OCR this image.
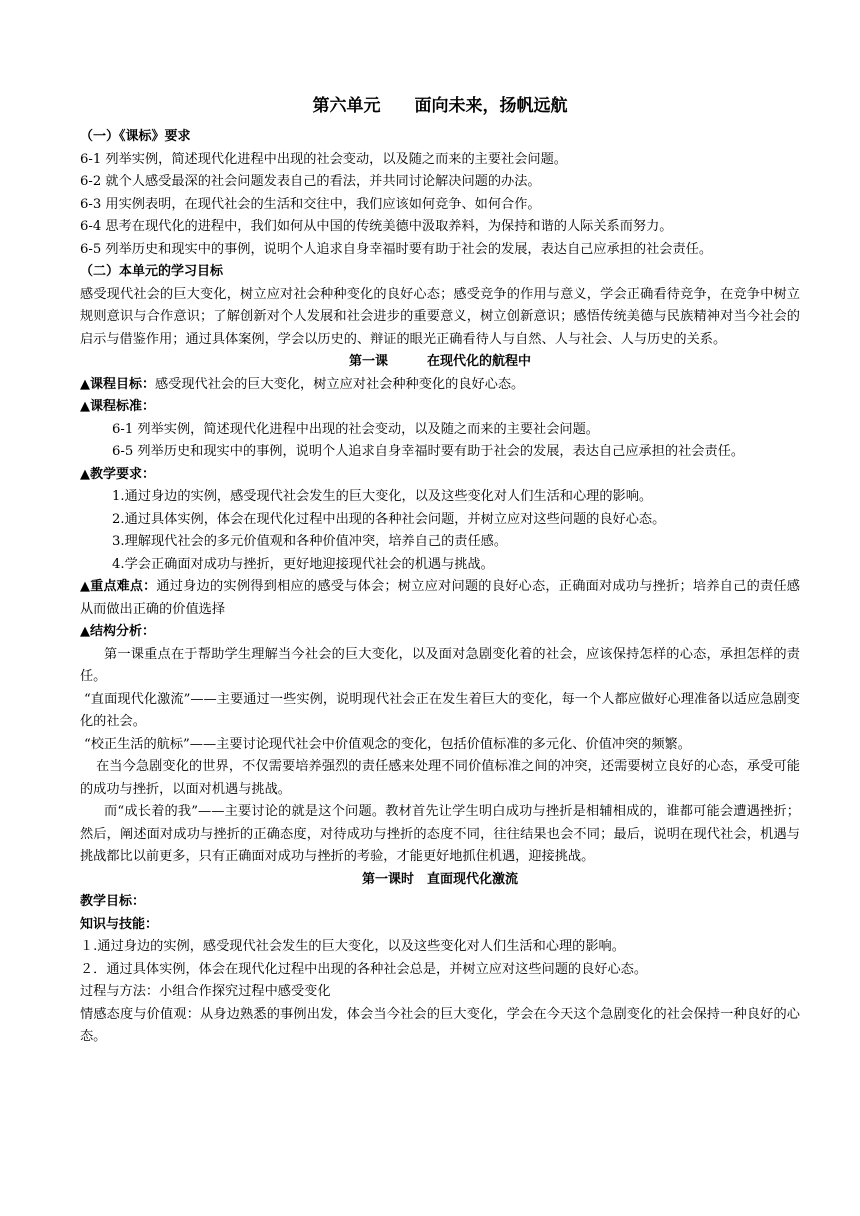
第六单元　　面向未来，扬帆远航
（一）《课标》要求
6-1 列举实例，简述现代化进程中出现的社会变动，以及随之而来的主要社会问题。
6-2 就个人感受最深的社会问题发表自己的看法，并共同讨论解决问题的办法。
6-3 用实例表明，在现代社会的生活和交往中，我们应该如何竞争、如何合作。
6-4 思考在现代化的进程中，我们如何从中国的传统美德中汲取养料，为保持和谐的人际关系而努力。
6-5 列举历史和现实中的事例，说明个人追求自身幸福时要有助于社会的发展，表达自己应承担的社会责任。
（二）本单元的学习目标
感受现代社会的巨大变化，树立应对社会种种变化的良好心态；感受竞争的作用与意义，学会正确看待竞争，在竞争中树立规则意识与合作意识；了解创新对个人发展和社会进步的重要意义，树立创新意识；感悟传统美德与民族精神对当今社会的启示与借鉴作用；通过具体案例，学会以历史的、辩证的眼光正确看待人与自然、人与社会、人与历史的关系。
第一课　　　在现代化的航程中
▲课程目标：感受现代社会的巨大变化，树立应对社会种种变化的良好心态。
▲课程标准：
6-1 列举实例，简述现代化进程中出现的社会变动，以及随之而来的主要社会问题。
6-5 列举历史和现实中的事例，说明个人追求自身幸福时要有助于社会的发展，表达自己应承担的社会责任。
▲教学要求：
1.通过身边的实例，感受现代社会发生的巨大变化，以及这些变化对人们生活和心理的影响。
2.通过具体实例，体会在现代化过程中出现的各种社会问题，并树立应对这些问题的良好心态。
3.理解现代社会的多元价值观和各种价值冲突，培养自己的责任感。
4.学会正确面对成功与挫折，更好地迎接现代社会的机遇与挑战。
▲重点难点：通过身边的实例得到相应的感受与体会；树立应对问题的良好心态，正确面对成功与挫折；培养自己的责任感从而做出正确的价值选择
▲结构分析：
第一课重点在于帮助学生理解当今社会的巨大变化，以及面对急剧变化着的社会，应该保持怎样的心态，承担怎样的责任。
“直面现代化激流”——主要通过一些实例，说明现代社会正在发生着巨大的变化，每一个人都应做好心理准备以适应急剧变化的社会。
“校正生活的航标”——主要讨论现代社会中价值观念的变化，包括价值标准的多元化、价值冲突的频繁。
在当今急剧变化的世界，不仅需要培养强烈的责任感来处理不同价值标准之间的冲突，还需要树立良好的心态，承受可能的成功与挫折，以面对机遇与挑战。
而“成长着的我”——主要讨论的就是这个问题。教材首先让学生明白成功与挫折是相辅相成的，谁都可能会遭遇挫折；然后，阐述面对成功与挫折的正确态度，对待成功与挫折的态度不同，往往结果也会不同；最后，说明在现代社会，机遇与挑战都比以前更多，只有正确面对成功与挫折的考验，才能更好地抓住机遇，迎接挑战。
第一课时　直面现代化激流
教学目标：
知识与技能：
１.通过身边的实例，感受现代社会发生的巨大变化，以及这些变化对人们生活和心理的影响。
２．通过具体实例，体会在现代化过程中出现的各种社会总是，并树立应对这些问题的良好心态。
过程与方法：小组合作探究过程中感受变化
情感态度与价值观：从身边熟悉的事例出发，体会当今社会的巨大变化，学会在今天这个急剧变化的社会保持一种良好的心态。
